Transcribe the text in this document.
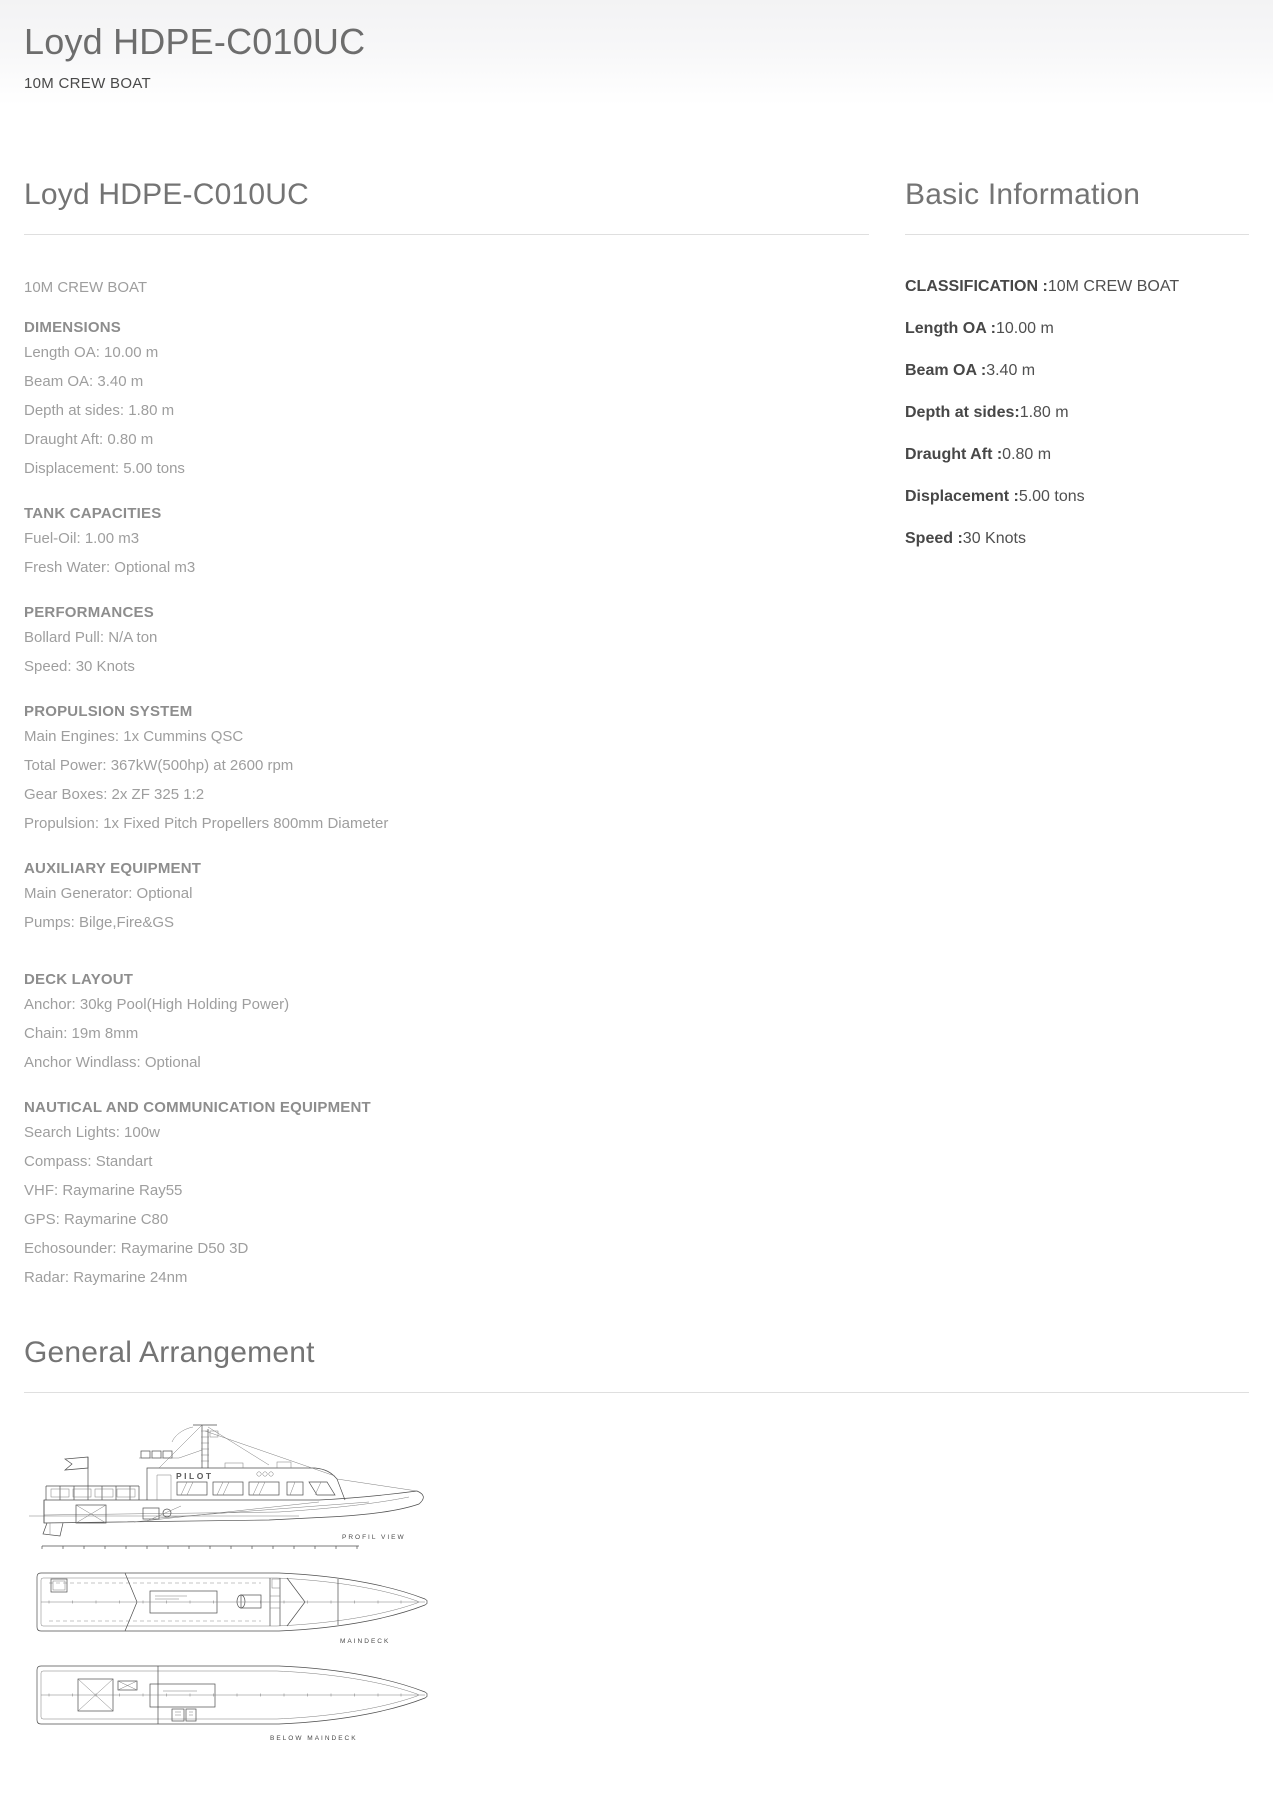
Loyd HDPE-C010UC
10M CREW BOAT
Loyd HDPE-C010UC
10M CREW BOAT
DIMENSIONS
Length OA: 10.00 m
Beam OA: 3.40 m
Depth at sides: 1.80 m
Draught Aft: 0.80 m
Displacement: 5.00 tons
TANK CAPACITIES
Fuel-Oil: 1.00 m3
Fresh Water: Optional m3
PERFORMANCES
Bollard Pull: N/A ton
Speed: 30 Knots
PROPULSION SYSTEM
Main Engines: 1x Cummins QSC
Total Power: 367kW(500hp) at 2600 rpm
Gear Boxes: 2x ZF 325 1:2
Propulsion: 1x Fixed Pitch Propellers 800mm Diameter
AUXILIARY EQUIPMENT
Main Generator: Optional
Pumps: Bilge,Fire&GS
DECK LAYOUT
Anchor: 30kg Pool(High Holding Power)
Chain: 19m 8mm
Anchor Windlass: Optional
NAUTICAL AND COMMUNICATION EQUIPMENT
Search Lights: 100w
Compass: Standart
VHF: Raymarine Ray55
GPS: Raymarine C80
Echosounder: Raymarine D50 3D
Radar: Raymarine 24nm
Basic Information
CLASSIFICATION :10M CREW BOAT
Length OA :10.00 m
Beam OA :3.40 m
Depth at sides:1.80 m
Draught Aft :0.80 m
Displacement :5.00 tons
Speed :30 Knots
General Arrangement
PILOT
PROFIL VIEW
MAINDECK
BELOW MAINDECK
